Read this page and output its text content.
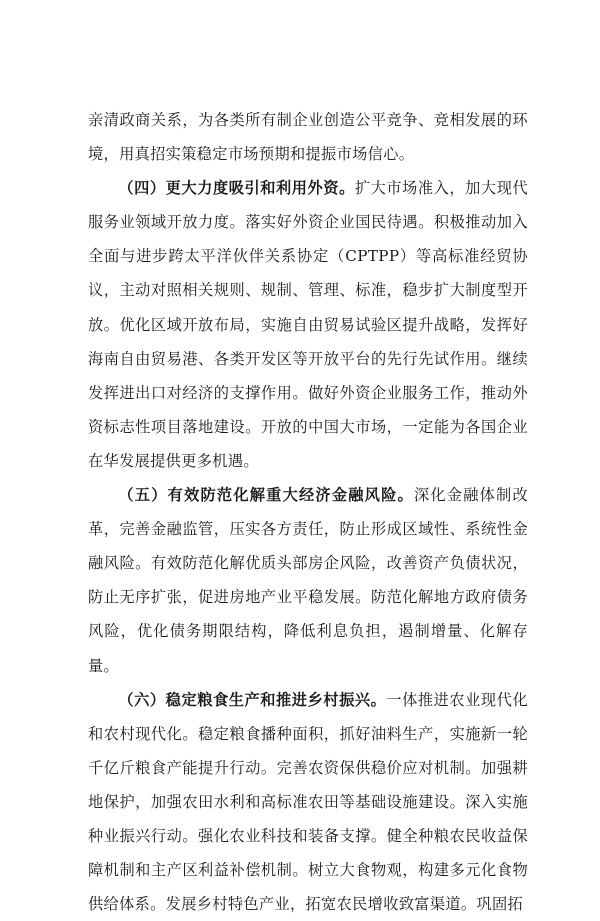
亲清政商关系，为各类所有制企业创造公平竞争、竞相发展的环境，用真招实策稳定市场预期和提振市场信心。

（四）更大力度吸引和利用外资。扩大市场准入，加大现代服务业领域开放力度。落实好外资企业国民待遇。积极推动加入全面与进步跨太平洋伙伴关系协定（CPTPP）等高标准经贸协议，主动对照相关规则、规制、管理、标准，稳步扩大制度型开放。优化区域开放布局，实施自由贸易试验区提升战略，发挥好海南自由贸易港、各类开发区等开放平台的先行先试作用。继续发挥进出口对经济的支撑作用。做好外资企业服务工作，推动外资标志性项目落地建设。开放的中国大市场，一定能为各国企业在华发展提供更多机遇。

（五）有效防范化解重大经济金融风险。深化金融体制改革，完善金融监管，压实各方责任，防止形成区域性、系统性金融风险。有效防范化解优质头部房企风险，改善资产负债状况，防止无序扩张，促进房地产业平稳发展。防范化解地方政府债务风险，优化债务期限结构，降低利息负担，遏制增量、化解存量。

（六）稳定粮食生产和推进乡村振兴。一体推进农业现代化和农村现代化。稳定粮食播种面积，抓好油料生产，实施新一轮千亿斤粮食产能提升行动。完善农资保供稳价应对机制。加强耕地保护，加强农田水利和高标准农田等基础设施建设。深入实施种业振兴行动。强化农业科技和装备支撑。健全种粮农民收益保障机制和主产区利益补偿机制。树立大食物观，构建多元化食物供给体系。发展乡村特色产业，拓宽农民增收致富渠道。巩固拓
